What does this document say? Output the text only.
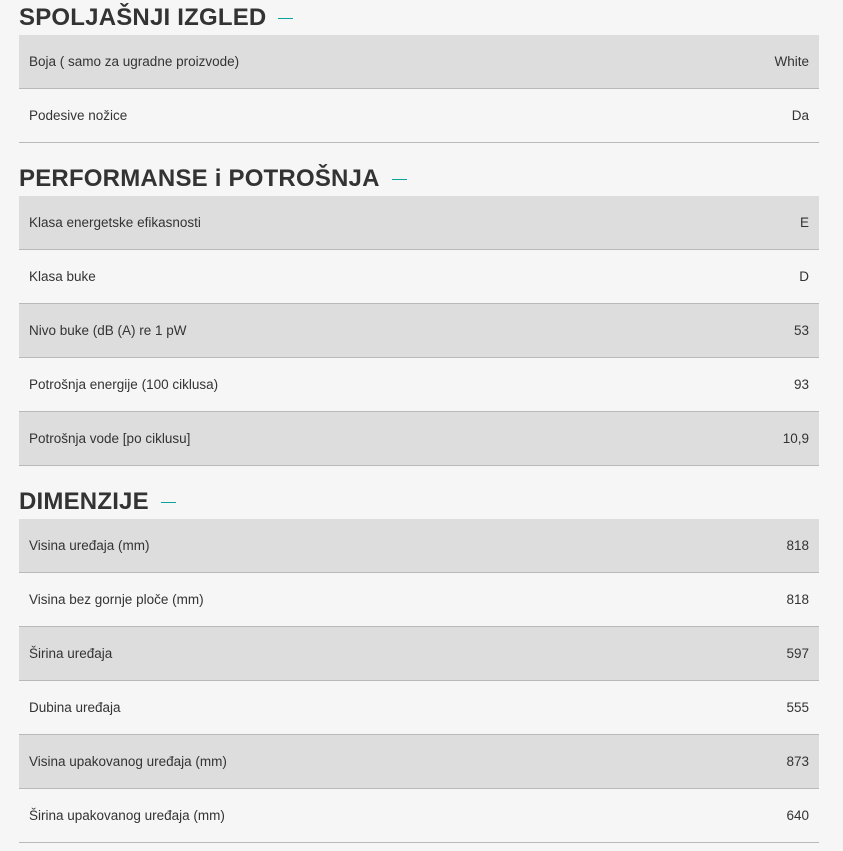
SPOLJAŠNJI IZGLED
Boja ( samo za ugradne proizvode)	White
Podesive nožice	Da
PERFORMANSE i POTROŠNJA
Klasa energetske efikasnosti	E
Klasa buke	D
Nivo buke (dB (A) re 1 pW	53
Potrošnja energije (100 ciklusa)	93
Potrošnja vode [po ciklusu]	10,9
DIMENZIJE
Visina uređaja (mm)	818
Visina bez gornje ploče (mm)	818
Širina uređaja	597
Dubina uređaja	555
Visina upakovanog uređaja (mm)	873
Širina upakovanog uređaja (mm)	640
